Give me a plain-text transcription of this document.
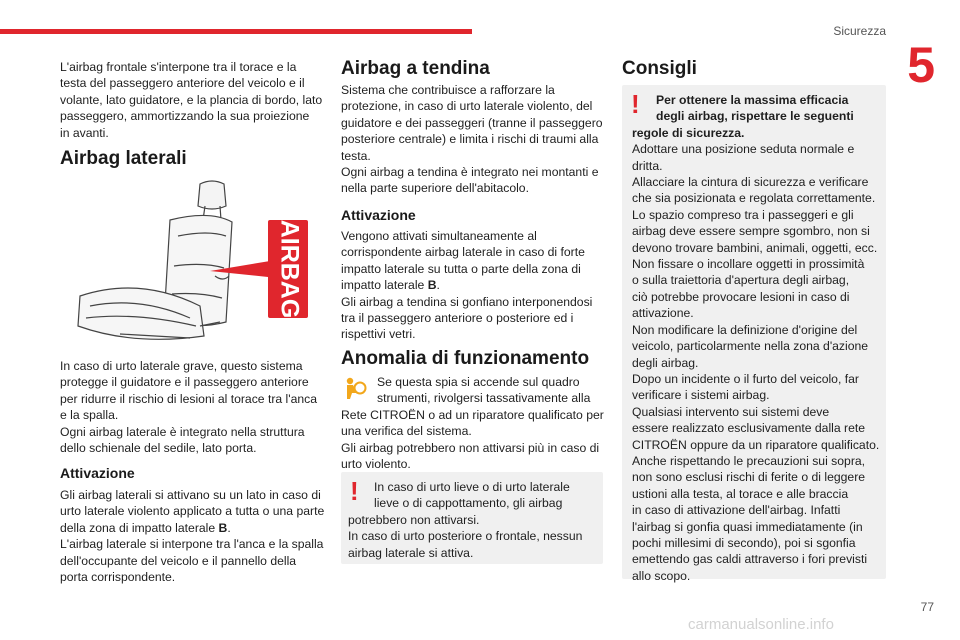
Sicurezza
5
77
carmanualsonline.info

L'airbag frontale s'interpone tra il torace e la

testa del passeggero anteriore del veicolo e il

volante, lato guidatore, e la plancia di bordo, lato

passeggero, ammortizzando la sua proiezione

in avanti.

Airbag laterali
AIRBAG

In caso di urto laterale grave, questo sistema

protegge il guidatore e il passeggero anteriore

per ridurre il rischio di lesioni al torace tra l'anca

e la spalla.

Ogni airbag laterale è integrato nella struttura

dello schienale del sedile, lato porta.

Attivazione

Gli airbag laterali si attivano su un lato in caso di

urto laterale violento applicato a tutta o una parte

della zona di impatto laterale B.

L'airbag laterale si interpone tra l'anca e la spalla

dell'occupante del veicolo e il pannello della

porta corrispondente.

Airbag a tendina

Sistema che contribuisce a rafforzare la

protezione, in caso di urto laterale violento, del

guidatore e dei passeggeri (tranne il passeggero

posteriore centrale) e limita i rischi di traumi alla

testa.

Ogni airbag a tendina è integrato nei montanti e

nella parte superiore dell'abitacolo.

Attivazione

Vengono attivati simultaneamente al

corrispondente airbag laterale in caso di forte

impatto laterale su tutta o parte della zona di

impatto laterale B.

Gli airbag a tendina si gonfiano interponendosi

tra il passeggero anteriore o posteriore ed i

rispettivi vetri.

Anomalia di funzionamento

Se questa spia si accende sul quadro

strumenti, rivolgersi tassativamente alla

Rete CITROËN o ad un riparatore qualificato per

una verifica del sistema.

Gli airbag potrebbero non attivarsi più in caso di

urto violento.

!	In caso di urto lieve o di urto laterale

lieve o di cappottamento, gli airbag

potrebbero non attivarsi.

In caso di urto posteriore o frontale, nessun

airbag laterale si attiva.

Consigli
!	Per ottenere la massima efficacia

degli airbag, rispettare le seguenti

regole di sicurezza.

Adottare una posizione seduta normale e

dritta.

Allacciare la cintura di sicurezza e verificare

che sia posizionata e regolata correttamente.

Lo spazio compreso tra i passeggeri e gli

airbag deve essere sempre sgombro, non si

devono trovare bambini, animali, oggetti, ecc.

Non fissare o incollare oggetti in prossimità

o sulla traiettoria d'apertura degli airbag,

ciò potrebbe provocare lesioni in caso di

attivazione.

Non modificare la definizione d'origine del

veicolo, particolarmente nella zona d'azione

degli airbag.

Dopo un incidente o il furto del veicolo, far

verificare i sistemi airbag.

Qualsiasi intervento sui sistemi deve

essere realizzato esclusivamente dalla rete

CITROËN oppure da un riparatore qualificato.

Anche rispettando le precauzioni sui sopra,

non sono esclusi rischi di ferite o di leggere

ustioni alla testa, al torace e alle braccia

in caso di attivazione dell'airbag. Infatti

l'airbag si gonfia quasi immediatamente (in

pochi millesimi di secondo), poi si sgonfia

emettendo gas caldi attraverso i fori previsti

allo scopo.
